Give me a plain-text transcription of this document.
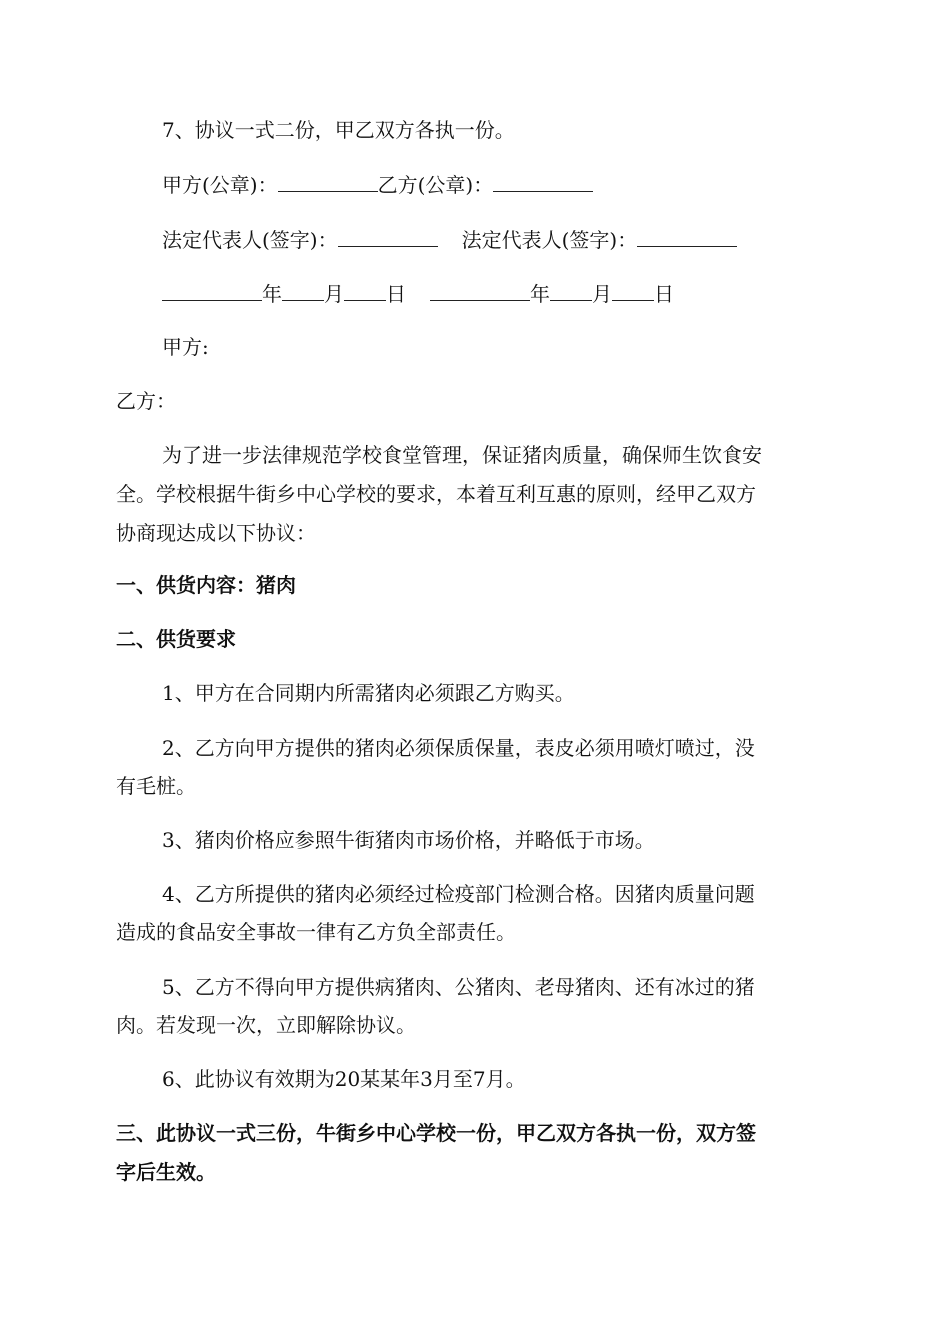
7、协议一式二份，甲乙双方各执一份。
甲方(公章)：	乙方(公章)：
法定代表人(签字)：	法定代表人(签字)：
年 月 日	年 月 日
甲方:
乙方：
为了进一步法律规范学校食堂管理，保证猪肉质量，确保师生饮食安
全。学校根据牛街乡中心学校的要求，本着互利互惠的原则，经甲乙双方
协商现达成以下协议：
一、供货内容：猪肉
二、供货要求
1、甲方在合同期内所需猪肉必须跟乙方购买。
2、乙方向甲方提供的猪肉必须保质保量，表皮必须用喷灯喷过，没
有毛桩。
3、猪肉价格应参照牛街猪肉市场价格，并略低于市场。
4、乙方所提供的猪肉必须经过检疫部门检测合格。因猪肉质量问题
造成的食品安全事故一律有乙方负全部责任。
5、乙方不得向甲方提供病猪肉、公猪肉、老母猪肉、还有冰过的猪
肉。若发现一次，立即解除协议。
6、此协议有效期为20某某年3月至7月。
三、此协议一式三份，牛街乡中心学校一份，甲乙双方各执一份，双方签
字后生效。
